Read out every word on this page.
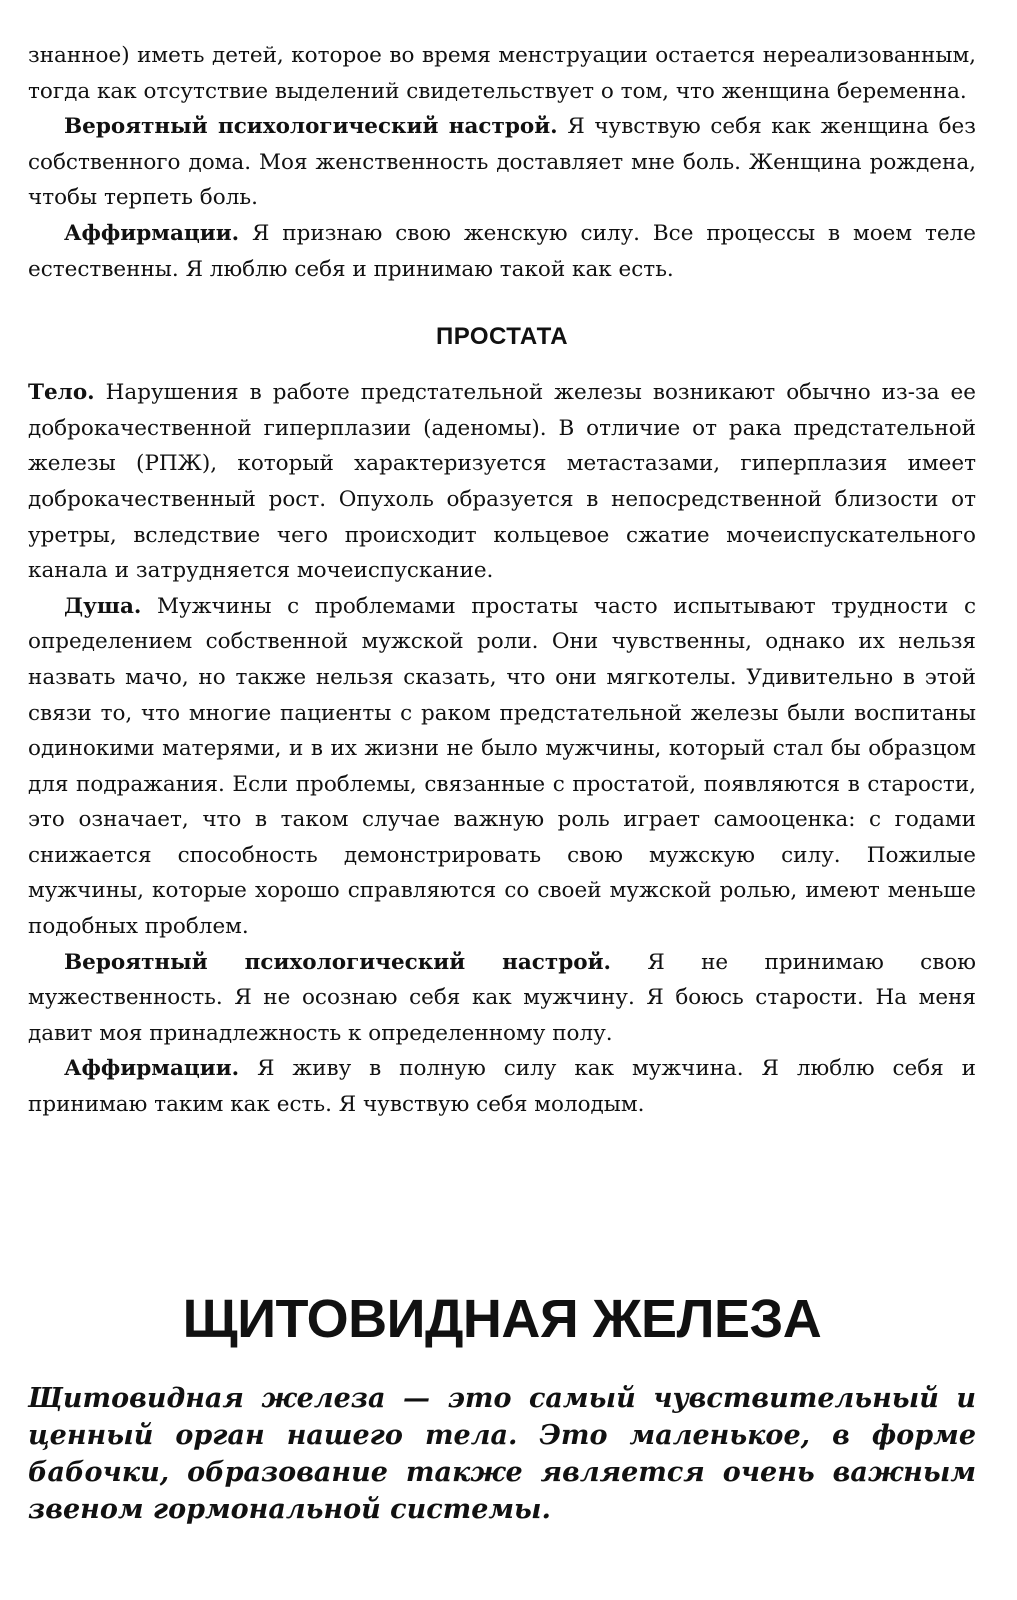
знанное) иметь детей, которое во время менструации остается нереализованным, тогда как отсутствие выделений свидетельствует о том, что женщина беременна.

Вероятный психологический настрой. Я чувствую себя как женщина без собственного дома. Моя женственность доставляет мне боль. Женщина рождена, чтобы терпеть боль.

Аффирмации. Я признаю свою женскую силу. Все процессы в моем теле естественны. Я люблю себя и принимаю такой как есть.

ПРОСТАТА

Тело. Нарушения в работе предстательной железы возникают обычно из-за ее доброкачественной гиперплазии (аденомы). В отличие от рака предстательной железы (РПЖ), который характеризуется метастазами, гиперплазия имеет доброкачественный рост. Опухоль образуется в непосредственной близости от уретры, вследствие чего происходит кольцевое сжатие мочеиспускательного канала и затрудняется мочеиспускание.

Душа. Мужчины с проблемами простаты часто испытывают трудности с определением собственной мужской роли. Они чувственны, однако их нельзя назвать мачо, но также нельзя сказать, что они мягкотелы. Удивительно в этой связи то, что многие пациенты с раком предстательной железы были воспитаны одинокими матерями, и в их жизни не было мужчины, который стал бы образцом для подражания. Если проблемы, связанные с простатой, появляются в старости, это означает, что в таком случае важную роль играет самооценка: с годами снижается способность демонстрировать свою мужскую силу. Пожилые мужчины, которые хорошо справляются со своей мужской ролью, имеют меньше подобных проблем.

Вероятный психологический настрой. Я не принимаю свою мужественность. Я не осознаю себя как мужчину. Я боюсь старости. На меня давит моя принадлежность к определенному полу.

Аффирмации. Я живу в полную силу как мужчина. Я люблю себя и принимаю таким как есть. Я чувствую себя молодым.

ЩИТОВИДНАЯ ЖЕЛЕЗА

Щитовидная железа — это самый чувствительный и ценный орган нашего тела. Это маленькое, в форме бабочки, образование также является очень важным звеном гормональной системы.
